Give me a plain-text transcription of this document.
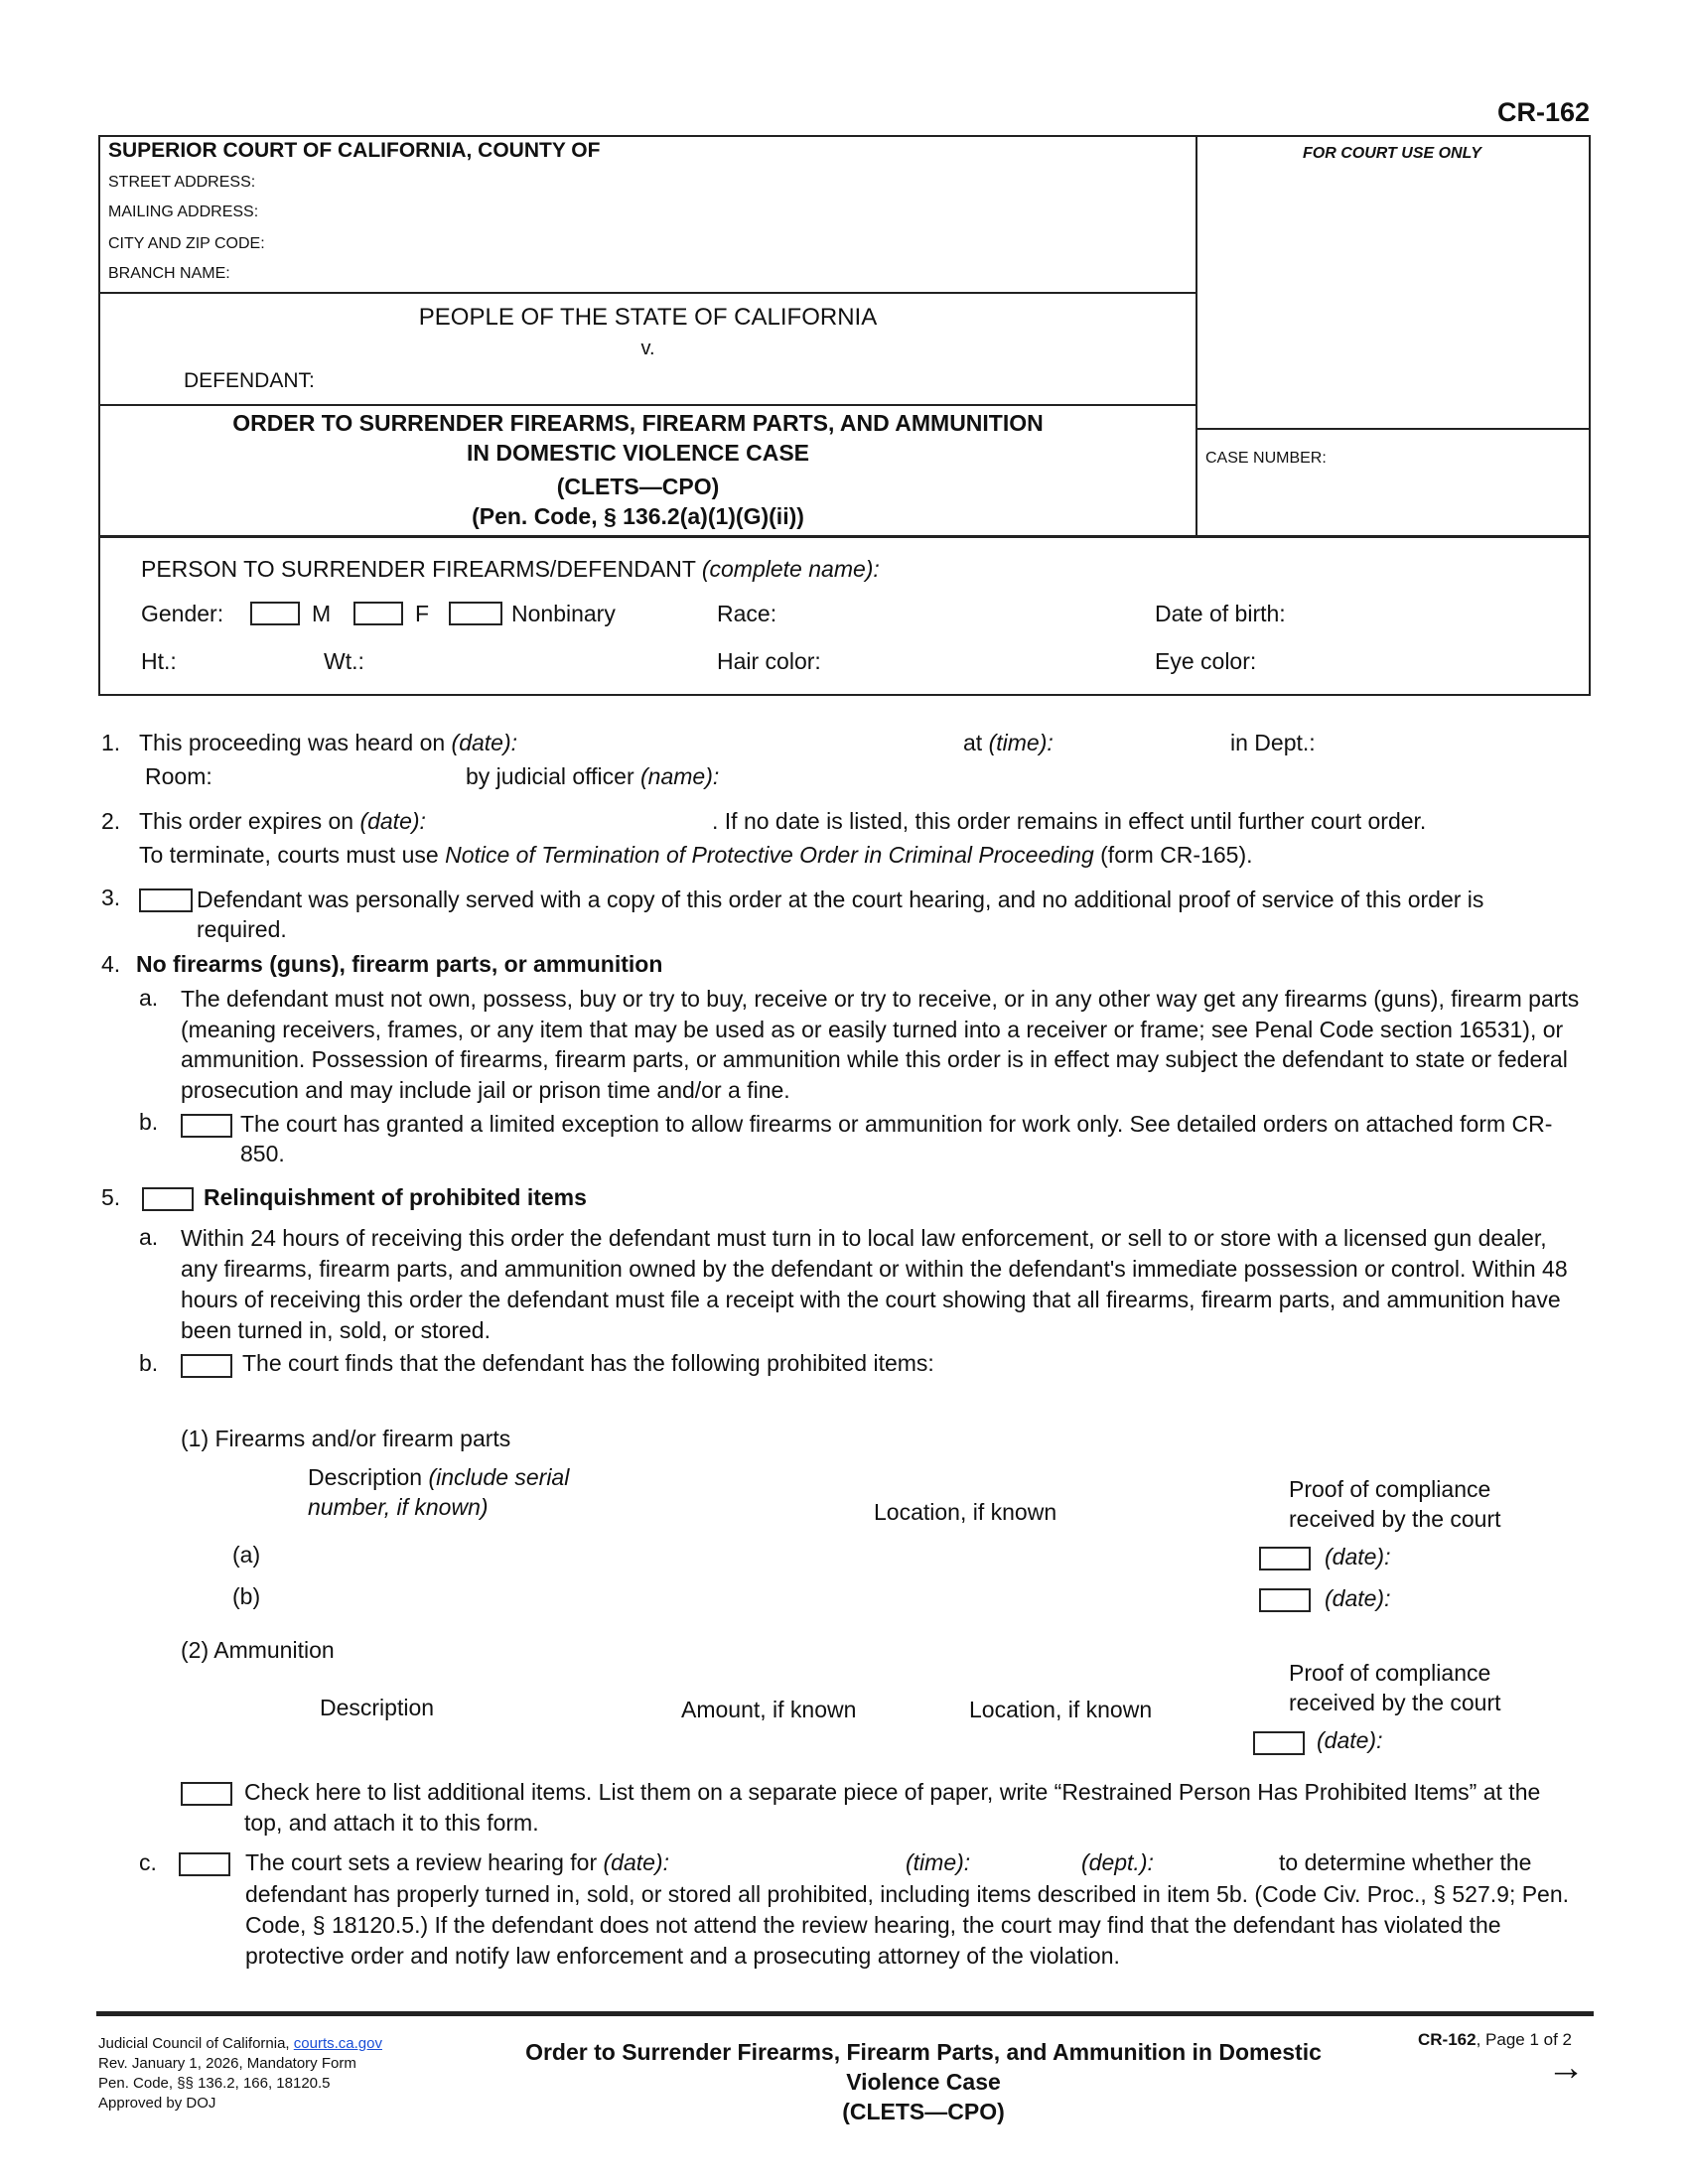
CR-162
SUPERIOR COURT OF CALIFORNIA, COUNTY OF
STREET ADDRESS:
MAILING ADDRESS:
CITY AND ZIP CODE:
BRANCH NAME:
FOR COURT USE ONLY
PEOPLE OF THE STATE OF CALIFORNIA
v.
DEFENDANT:
ORDER TO SURRENDER FIREARMS, FIREARM PARTS, AND AMMUNITION
IN DOMESTIC VIOLENCE CASE
(CLETS—CPO)
(Pen. Code, § 136.2(a)(1)(G)(ii))
CASE NUMBER:
PERSON TO SURRENDER FIREARMS/DEFENDANT (complete name):
Gender:	M	F	Nonbinary	Race:	Date of birth:
Ht.:	Wt.:	Hair color:	Eye color:
1. This proceeding was heard on (date):	at (time):	in Dept.:
Room:	by judicial officer (name):
2. This order expires on (date):	. If no date is listed, this order remains in effect until further court order.
To terminate, courts must use Notice of Termination of Protective Order in Criminal Proceeding (form CR-165).
3.	Defendant was personally served with a copy of this order at the court hearing, and no additional proof of service of this order is required.
4. No firearms (guns), firearm parts, or ammunition
a. The defendant must not own, possess, buy or try to buy, receive or try to receive, or in any other way get any firearms (guns), firearm parts (meaning receivers, frames, or any item that may be used as or easily turned into a receiver or frame; see Penal Code section 16531), or ammunition. Possession of firearms, firearm parts, or ammunition while this order is in effect may subject the defendant to state or federal prosecution and may include jail or prison time and/or a fine.
b.	The court has granted a limited exception to allow firearms or ammunition for work only. See detailed orders on attached form CR-850.
5.	Relinquishment of prohibited items
a. Within 24 hours of receiving this order the defendant must turn in to local law enforcement, or sell to or store with a licensed gun dealer, any firearms, firearm parts, and ammunition owned by the defendant or within the defendant's immediate possession or control. Within 48 hours of receiving this order the defendant must file a receipt with the court showing that all firearms, firearm parts, and ammunition have been turned in, sold, or stored.
b.	The court finds that the defendant has the following prohibited items:
(1) Firearms and/or firearm parts
Description (include serial number, if known)	Location, if known
Proof of compliance
received by the court
(a)	(date):
(b)	(date):
(2) Ammunition
Description	Amount, if known	Location, if known
Proof of compliance
received by the court
(date):
Check here to list additional items. List them on a separate piece of paper, write “Restrained Person Has Prohibited Items” at the top, and attach it to this form.
c.	The court sets a review hearing for (date):	(time):	(dept.):	to determine whether the
defendant has properly turned in, sold, or stored all prohibited, including items described in item 5b. (Code Civ. Proc., § 527.9; Pen. Code, § 18120.5.) If the defendant does not attend the review hearing, the court may find that the defendant has violated the protective order and notify law enforcement and a prosecuting attorney of the violation.
Judicial Council of California, courts.ca.gov
Rev. January 1, 2026, Mandatory Form
Pen. Code, §§ 136.2, 166, 18120.5
Approved by DOJ
Order to Surrender Firearms, Firearm Parts, and Ammunition in Domestic
Violence Case
(CLETS—CPO)
CR-162, Page 1 of 2
→
